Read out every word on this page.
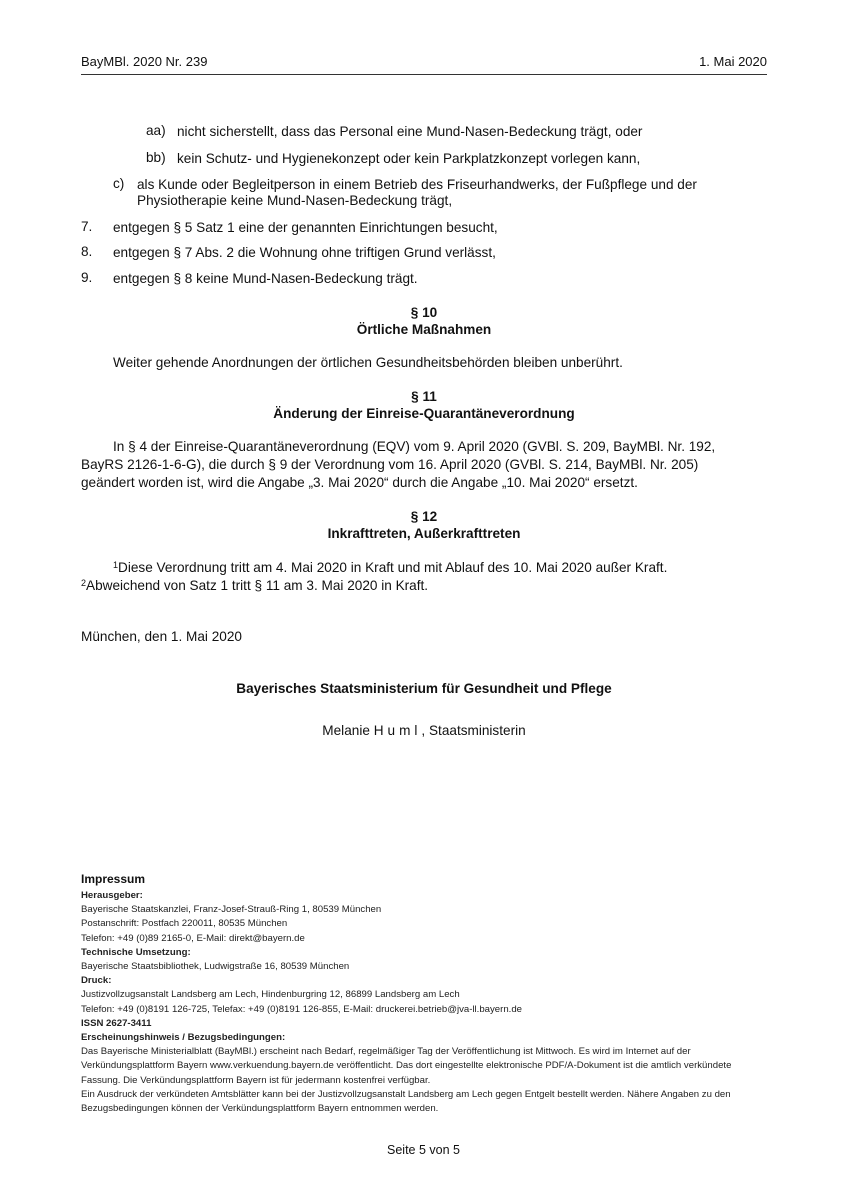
BayMBl. 2020 Nr. 239	1. Mai 2020
aa) nicht sicherstellt, dass das Personal eine Mund-Nasen-Bedeckung trägt, oder
bb) kein Schutz- und Hygienekonzept oder kein Parkplatzkonzept vorlegen kann,
c) als Kunde oder Begleitperson in einem Betrieb des Friseurhandwerks, der Fußpflege und der
Physiotherapie keine Mund-Nasen-Bedeckung trägt,
7. entgegen § 5 Satz 1 eine der genannten Einrichtungen besucht,
8. entgegen § 7 Abs. 2 die Wohnung ohne triftigen Grund verlässt,
9. entgegen § 8 keine Mund-Nasen-Bedeckung trägt.
§ 10
Örtliche Maßnahmen
Weiter gehende Anordnungen der örtlichen Gesundheitsbehörden bleiben unberührt.
§ 11
Änderung der Einreise-Quarantäneverordnung
In § 4 der Einreise-Quarantäneverordnung (EQV) vom 9. April 2020 (GVBl. S. 209, BayMBl. Nr. 192,
BayRS 2126-1-6-G), die durch § 9 der Verordnung vom 16. April 2020 (GVBl. S. 214, BayMBl. Nr. 205)
geändert worden ist, wird die Angabe „3. Mai 2020“ durch die Angabe „10. Mai 2020“ ersetzt.
§ 12
Inkrafttreten, Außerkrafttreten
$^1$Diese Verordnung tritt am 4. Mai 2020 in Kraft und mit Ablauf des 10. Mai 2020 außer Kraft.
$^2$Abweichend von Satz 1 tritt § 11 am 3. Mai 2020 in Kraft.
München, den 1. Mai 2020
Bayerisches Staatsministerium für Gesundheit und Pflege
Melanie Huml, Staatsministerin
Impressum
Herausgeber:
Bayerische Staatskanzlei, Franz-Josef-Strauß-Ring 1, 80539 München
Postanschrift: Postfach 220011, 80535 München
Telefon: +49 (0)89 2165-0, E-Mail: direkt@bayern.de
Technische Umsetzung:
Bayerische Staatsbibliothek, Ludwigstraße 16, 80539 München
Druck:
Justizvollzugsanstalt Landsberg am Lech, Hindenburgring 12, 86899 Landsberg am Lech
Telefon: +49 (0)8191 126-725, Telefax: +49 (0)8191 126-855, E-Mail: druckerei.betrieb@jva-ll.bayern.de
ISSN 2627-3411
Erscheinungshinweis / Bezugsbedingungen:
Das Bayerische Ministerialblatt (BayMBl.) erscheint nach Bedarf, regelmäßiger Tag der Veröffentlichung ist Mittwoch. Es wird im Internet auf der
Verkündungsplattform Bayern www.verkuendung.bayern.de veröffentlicht. Das dort eingestellte elektronische PDF/A-Dokument ist die amtlich verkündete
Fassung. Die Verkündungsplattform Bayern ist für jedermann kostenfrei verfügbar.
Ein Ausdruck der verkündeten Amtsblätter kann bei der Justizvollzugsanstalt Landsberg am Lech gegen Entgelt bestellt werden. Nähere Angaben zu den
Bezugsbedingungen können der Verkündungsplattform Bayern entnommen werden.
Seite 5 von 5
